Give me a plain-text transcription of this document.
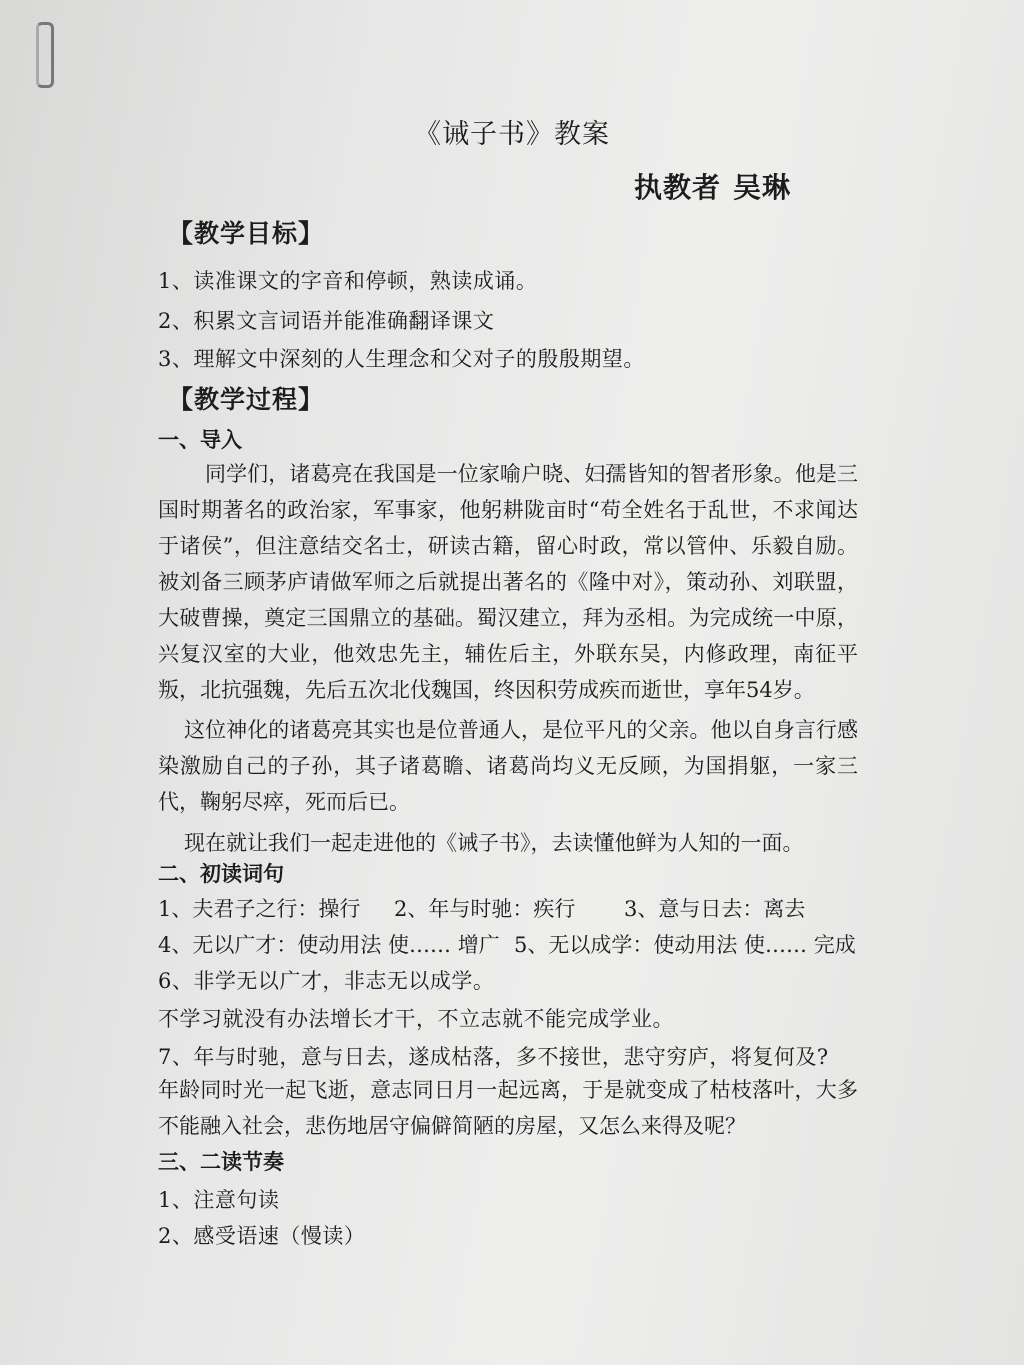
《诫子书》教案
执教者 吴琳
【教学目标】
1、读准课文的字音和停顿，熟读成诵。
2、积累文言词语并能准确翻译课文
3、理解文中深刻的人生理念和父对子的殷殷期望。
【教学过程】
一、导入
同学们，诸葛亮在我国是一位家喻户晓、妇孺皆知的智者形象。他是三国时期著名的政治家，军事家，他躬耕陇亩时“苟全姓名于乱世，不求闻达于诸侯”，但注意结交名士，研读古籍，留心时政，常以管仲、乐毅自励。被刘备三顾茅庐请做军师之后就提出著名的《隆中对》，策动孙、刘联盟，大破曹操，奠定三国鼎立的基础。蜀汉建立，拜为丞相。为完成统一中原，兴复汉室的大业，他效忠先主，辅佐后主，外联东吴，内修政理，南征平叛，北抗强魏，先后五次北伐魏国，终因积劳成疾而逝世，享年54岁。
这位神化的诸葛亮其实也是位普通人，是位平凡的父亲。他以自身言行感染激励自己的子孙，其子诸葛瞻、诸葛尚均义无反顾，为国捐躯，一家三代，鞠躬尽瘁，死而后已。
现在就让我们一起走进他的《诫子书》，去读懂他鲜为人知的一面。
二、初读词句
1、夫君子之行：操行 2、年与时驰：疾行 3、意与日去：离去
4、无以广才：使动用法 使…… 增广 5、无以成学：使动用法 使…… 完成
6、非学无以广才，非志无以成学。
不学习就没有办法增长才干，不立志就不能完成学业。
7、年与时驰，意与日去，遂成枯落，多不接世，悲守穷庐，将复何及?
年龄同时光一起飞逝，意志同日月一起远离，于是就变成了枯枝落叶，大多不能融入社会，悲伤地居守偏僻简陋的房屋，又怎么来得及呢？
三、二读节奏
1、注意句读
2、感受语速（慢读）
